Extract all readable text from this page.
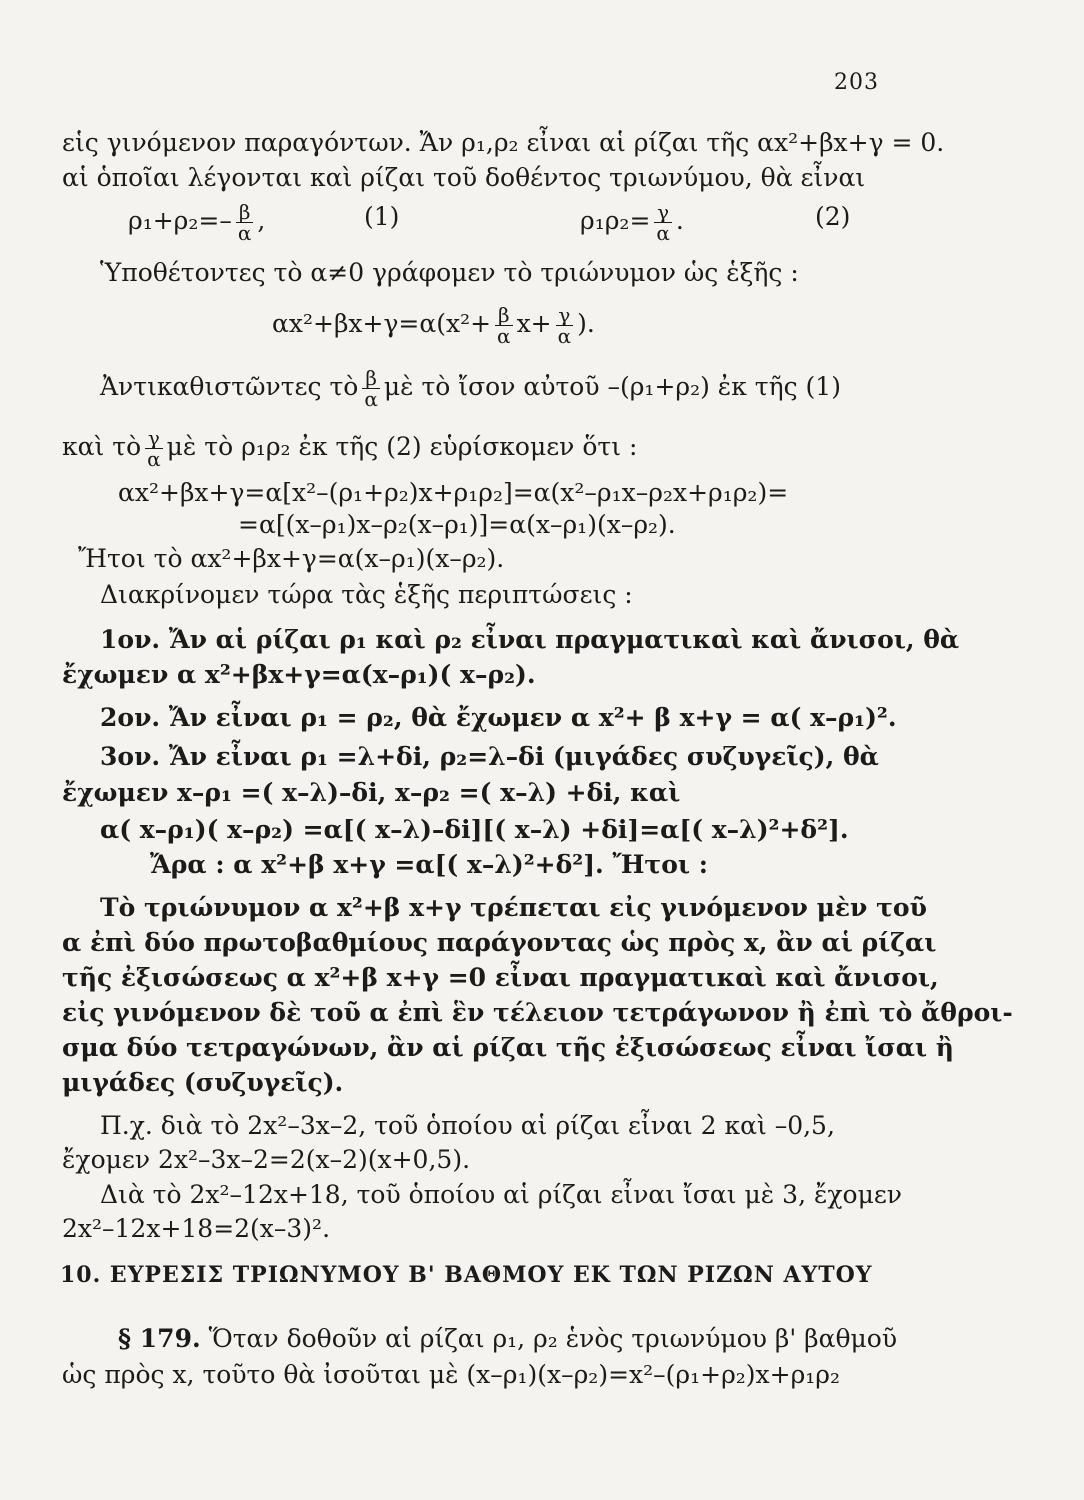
203
εἱς γινόμενον παραγόντων. Ἄν ρ₁,ρ₂ εἶναι αἱ ρίζαι τῆς αx²+βx+γ = 0.
αἱ ὁποῖαι λέγονται καὶ ρίζαι τοῦ δοθέντος τριωνύμου, θὰ εἶναι
$\rho_1+\rho_2=- \frac{\beta}{\alpha}$ ,	(1)	$\rho_1\rho_2= \frac{\gamma}{\alpha}$ .	(2)
Ὑποθέτοντες τὸ α≠0 γράφομεν τὸ τριώνυμον ὡς ἑξῆς :
$\alpha x^2+\beta x+\gamma=\alpha(x^2+ \frac{\beta}{\alpha} x+ \frac{\gamma}{\alpha}$ ).
Ἀντικαθιστῶντες τὸ $\frac{\beta}{\alpha}$ μὲ τὸ ἴσον αὐτοῦ –(ρ₁+ρ₂) ἐκ τῆς (1)
καὶ τὸ $\frac{\gamma}{\alpha}$ μὲ τὸ ρ₁ρ₂ ἐκ τῆς (2) εὑρίσκομεν ὅτι :
αx²+βx+γ=α[x²–(ρ₁+ρ₂)x+ρ₁ρ₂]=α(x²–ρ₁x–ρ₂x+ρ₁ρ₂)=
=α[(x–ρ₁)x–ρ₂(x–ρ₁)]=α(x–ρ₁)(x–ρ₂).
Ἤτοι τὸ αx²+βx+γ=α(x–ρ₁)(x–ρ₂).
Διακρίνομεν τώρα τὰς ἑξῆς περιπτώσεις :
1ον. Ἄν αἱ ρίζαι ρ₁ καὶ ρ₂ εἶναι πραγματικαὶ καὶ ἄνισοι, θὰ
ἔχωμεν α x²+βx+γ=α(x–ρ₁)( x–ρ₂).
2ον. Ἄν εἶναι ρ₁ = ρ₂, θὰ ἔχωμεν α x²+ β x+γ = α( x–ρ₁)².
3ον. Ἄν εἶναι ρ₁ =λ+δi, ρ₂=λ–δi (μιγάδες συζυγεῖς), θὰ
ἔχωμεν x–ρ₁ =( x–λ)–δi, x–ρ₂ =( x–λ) +δi, καὶ
α( x–ρ₁)( x–ρ₂) =α[( x–λ)–δi][( x–λ) +δi]=α[( x–λ)²+δ²].
Ἄρα : α x²+β x+γ =α[( x–λ)²+δ²]. Ἤτοι :
Τὸ τριώνυμον α x²+β x+γ τρέπεται εἰς γινόμενον μὲν τοῦ
α ἐπὶ δύο πρωτοβαθμίους παράγοντας ὡς πρὸς x, ἂν αἱ ρίζαι
τῆς ἐξισώσεως α x²+β x+γ =0 εἶναι πραγματικαὶ καὶ ἄνισοι,
εἰς γινόμενον δὲ τοῦ α ἐπὶ ἓν τέλειον τετράγωνον ἢ ἐπὶ τὸ ἄθροι-
σμα δύο τετραγώνων, ἂν αἱ ρίζαι τῆς ἐξισώσεως εἶναι ἴσαι ἢ
μιγάδες (συζυγεῖς).
Π.χ. διὰ τὸ 2x²–3x–2, τοῦ ὁποίου αἱ ρίζαι εἶναι 2 καὶ –0,5,
ἔχομεν 2x²–3x–2=2(x–2)(x+0,5).
Διὰ τὸ 2x²–12x+18, τοῦ ὁποίου αἱ ρίζαι εἶναι ἴσαι μὲ 3, ἔχομεν
2x²–12x+18=2(x–3)².
10. ΕΥΡΕΣΙΣ ΤΡΙΩΝΥΜΟΥ Β' ΒΑΘΜΟΥ ΕΚ ΤΩΝ ΡΙΖΩΝ ΑΥΤΟΥ
§ 179. Ὅταν δοθοῦν αἱ ρίζαι ρ₁, ρ₂ ἑνὸς τριωνύμου β' βαθμοῦ
ὡς πρὸς x, τοῦτο θὰ ἰσοῦται μὲ (x–ρ₁)(x–ρ₂)=x²–(ρ₁+ρ₂)x+ρ₁ρ₂
